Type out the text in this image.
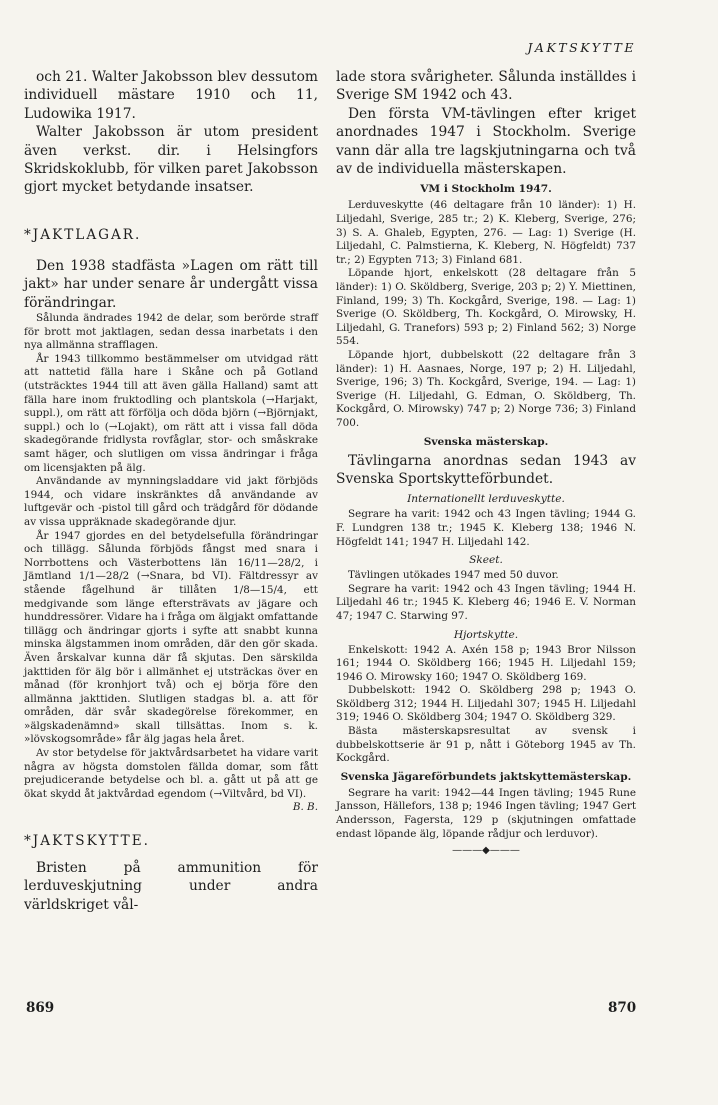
JAKTSKYTTE

och 21. Walter Jakobsson blev dessutom individuell mästare 1910 och 11, Ludowika 1917.

Walter Jakobsson är utom president även verkst. dir. i Helsingfors Skridskoklubb, för vilken paret Jakobsson gjort mycket betydande insatser.

*JAKTLAGAR.

Den 1938 stadfästa »Lagen om rätt till jakt» har under senare år undergått vissa förändringar.

Sålunda ändrades 1942 de delar, som berörde straff för brott mot jaktlagen, sedan dessa inarbetats i den nya allmänna strafflagen.

År 1943 tillkommo bestämmelser om utvidgad rätt att nattetid fälla hare i Skåne och på Gotland (utsträcktes 1944 till att även gälla Halland) samt att fälla hare inom fruktodling och plantskola (→Harjakt, suppl.), om rätt att förfölja och döda björn (→Björnjakt, suppl.) och lo (→Lojakt), om rätt att i vissa fall döda skadegörande fridlysta rovfåglar, stor- och småskrake samt häger, och slutligen om vissa ändringar i fråga om licensjakten på älg.

Användande av mynningsladdare vid jakt förbjöds 1944, och vidare inskränktes då användande av luftgevär och -pistol till gård och trädgård för dödande av vissa uppräknade skadegörande djur.

År 1947 gjordes en del betydelsefulla förändringar och tillägg. Sålunda förbjöds fångst med snara i Norrbottens och Västerbottens län 16/11—28/2, i Jämtland 1/1—28/2 (→Snara, bd VI). Fältdressyr av stående fågelhund är tillåten 1/8—15/4, ett medgivande som länge eftersträvats av jägare och hunddressörer. Vidare ha i fråga om älgjakt omfattande tillägg och ändringar gjorts i syfte att snabbt kunna minska älgstammen inom områden, där den gör skada. Även årskalvar kunna där få skjutas. Den särskilda jakttiden för älg bör i allmänhet ej utsträckas över en månad (för kronhjort två) och ej börja före den allmänna jakttiden. Slutligen stadgas bl. a. att för områden, där svår skadegörelse förekommer, en »älgskadenämnd» skall tillsättas. Inom s. k. »lövskogsområde» får älg jagas hela året.

Av stor betydelse för jaktvårdsarbetet ha vidare varit några av högsta domstolen fällda domar, som fått prejudicerande betydelse och bl. a. gått ut på att ge ökat skydd åt jaktvårdad egendom (→Viltvård, bd VI).

B. B.

*JAKTSKYTTE.

Bristen på ammunition för lerduveskjutning under andra världskriget vål-

lade stora svårigheter. Sålunda inställdes i Sverige SM 1942 och 43.

Den första VM-tävlingen efter kriget anordnades 1947 i Stockholm. Sverige vann där alla tre lagskjutningarna och två av de individuella mästerskapen.

VM i Stockholm 1947.

Lerduveskytte (46 deltagare från 10 länder): 1) H. Liljedahl, Sverige, 285 tr.; 2) K. Kleberg, Sverige, 276; 3) S. A. Ghaleb, Egypten, 276. — Lag: 1) Sverige (H. Liljedahl, C. Palmstierna, K. Kleberg, N. Högfeldt) 737 tr.; 2) Egypten 713; 3) Finland 681.

Löpande hjort, enkelskott (28 deltagare från 5 länder): 1) O. Sköldberg, Sverige, 203 p; 2) Y. Miettinen, Finland, 199; 3) Th. Kockgård, Sverige, 198. — Lag: 1) Sverige (O. Sköldberg, Th. Kockgård, O. Mirowsky, H. Liljedahl, G. Tranefors) 593 p; 2) Finland 562; 3) Norge 554.

Löpande hjort, dubbelskott (22 deltagare från 3 länder): 1) H. Aasnaes, Norge, 197 p; 2) H. Liljedahl, Sverige, 196; 3) Th. Kockgård, Sverige, 194. — Lag: 1) Sverige (H. Liljedahl, G. Edman, O. Sköldberg, Th. Kockgård, O. Mirowsky) 747 p; 2) Norge 736; 3) Finland 700.

Svenska mästerskap.

Tävlingarna anordnas sedan 1943 av Svenska Sportskytteförbundet.

Internationellt lerduveskytte.

Segrare ha varit: 1942 och 43 Ingen tävling; 1944 G. F. Lundgren 138 tr.; 1945 K. Kleberg 138; 1946 N. Högfeldt 141; 1947 H. Liljedahl 142.

Skeet.

Tävlingen utökades 1947 med 50 duvor.

Segrare ha varit: 1942 och 43 Ingen tävling; 1944 H. Liljedahl 46 tr.; 1945 K. Kleberg 46; 1946 E. V. Norman 47; 1947 C. Starwing 97.

Hjortskytte.

Enkelskott: 1942 A. Axén 158 p; 1943 Bror Nilsson 161; 1944 O. Sköldberg 166; 1945 H. Liljedahl 159; 1946 O. Mirowsky 160; 1947 O. Sköldberg 169.

Dubbelskott: 1942 O. Sköldberg 298 p; 1943 O. Sköldberg 312; 1944 H. Liljedahl 307; 1945 H. Liljedahl 319; 1946 O. Sköldberg 304; 1947 O. Sköldberg 329.

Bästa mästerskapsresultat av svensk i dubbelskottserie är 91 p, nått i Göteborg 1945 av Th. Kockgård.

Svenska Jägareförbundets jaktskyttemästerskap.

Segrare ha varit: 1942—44 Ingen tävling; 1945 Rune Jansson, Hällefors, 138 p; 1946 Ingen tävling; 1947 Gert Andersson, Fagersta, 129 p (skjutningen omfattade endast löpande älg, löpande rådjur och lerduvor).

———◆———

869	870
